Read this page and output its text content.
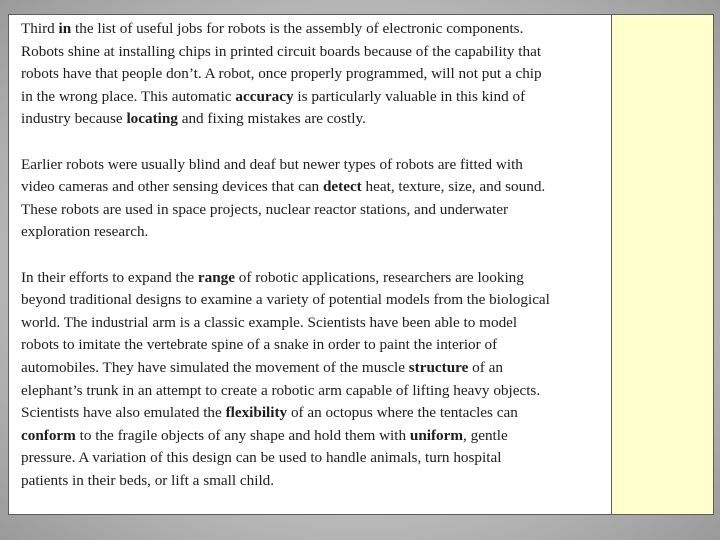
Third in the list of useful jobs for robots is the assembly of electronic components.
Robots shine at installing chips in printed circuit boards because of the capability that
robots have that people don’t. A robot, once properly programmed, will not put a chip
in the wrong place. This automatic accuracy is particularly valuable in this kind of
industry because locating and fixing mistakes are costly.
Earlier robots were usually blind and deaf but newer types of robots are fitted with
video cameras and other sensing devices that can detect heat, texture, size, and sound.
These robots are used in space projects, nuclear reactor stations, and underwater
exploration research.
In their efforts to expand the range of robotic applications, researchers are looking
beyond traditional designs to examine a variety of potential models from the biological
world. The industrial arm is a classic example. Scientists have been able to model
robots to imitate the vertebrate spine of a snake in order to paint the interior of
automobiles. They have simulated the movement of the muscle structure of an
elephant’s trunk in an attempt to create a robotic arm capable of lifting heavy objects.
Scientists have also emulated the flexibility of an octopus where the tentacles can
conform to the fragile objects of any shape and hold them with uniform, gentle
pressure. A variation of this design can be used to handle animals, turn hospital
patients in their beds, or lift a small child.
